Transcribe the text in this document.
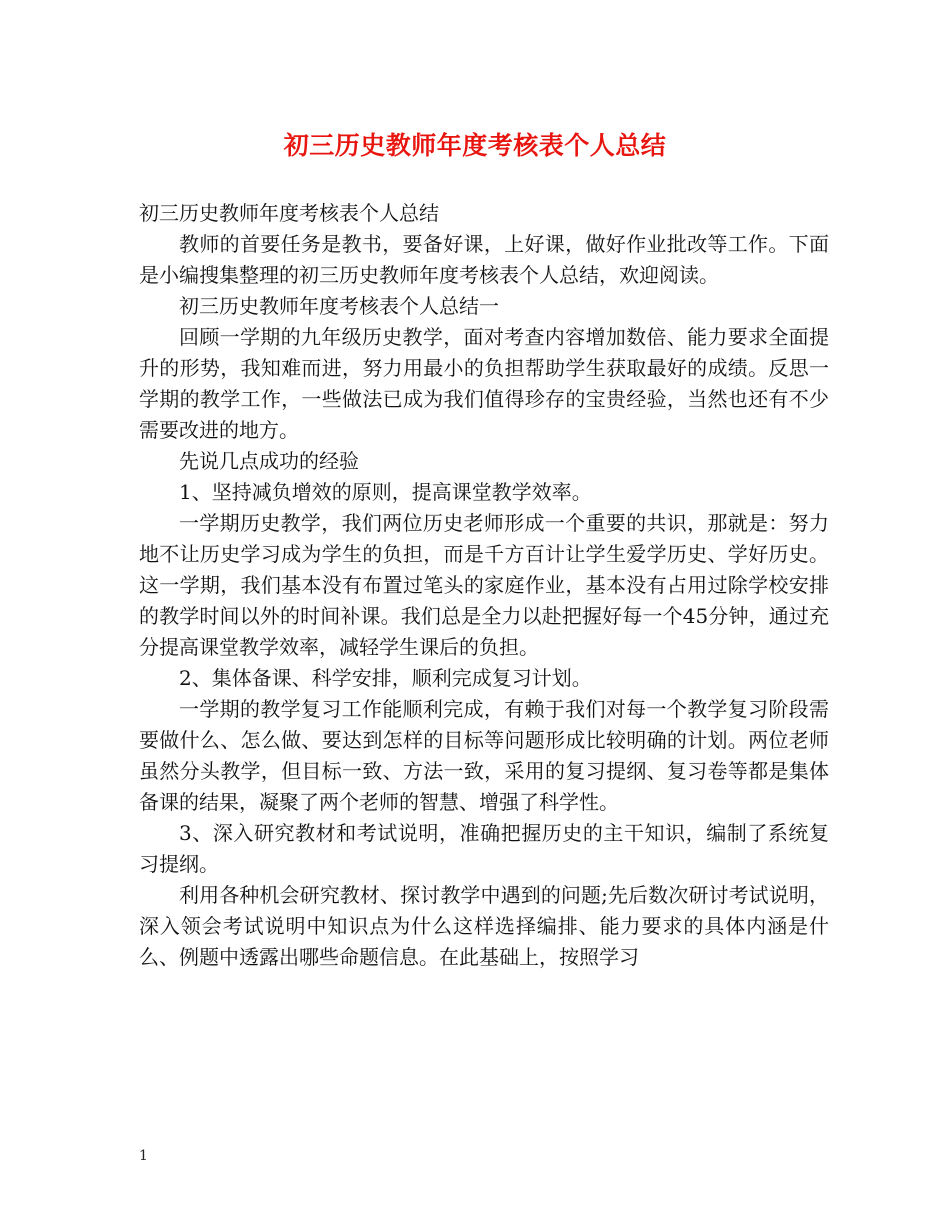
初三历史教师年度考核表个人总结

初三历史教师年度考核表个人总结

教师的首要任务是教书，要备好课，上好课，做好作业批改等工作。下面是小编搜集整理的初三历史教师年度考核表个人总结，欢迎阅读。

初三历史教师年度考核表个人总结一

回顾一学期的九年级历史教学，面对考查内容增加数倍、能力要求全面提升的形势，我知难而进，努力用最小的负担帮助学生获取最好的成绩。反思一学期的教学工作，一些做法已成为我们值得珍存的宝贵经验，当然也还有不少需要改进的地方。

先说几点成功的经验

1、坚持减负增效的原则，提高课堂教学效率。

一学期历史教学，我们两位历史老师形成一个重要的共识，那就是：努力地不让历史学习成为学生的负担，而是千方百计让学生爱学历史、学好历史。这一学期，我们基本没有布置过笔头的家庭作业，基本没有占用过除学校安排的教学时间以外的时间补课。我们总是全力以赴把握好每一个45分钟，通过充分提高课堂教学效率，减轻学生课后的负担。

2、集体备课、科学安排，顺利完成复习计划。

一学期的教学复习工作能顺利完成，有赖于我们对每一个教学复习阶段需要做什么、怎么做、要达到怎样的目标等问题形成比较明确的计划。两位老师虽然分头教学，但目标一致、方法一致，采用的复习提纲、复习卷等都是集体备课的结果，凝聚了两个老师的智慧、增强了科学性。

3、深入研究教材和考试说明，准确把握历史的主干知识，编制了系统复习提纲。

利用各种机会研究教材、探讨教学中遇到的问题;先后数次研讨考试说明，深入领会考试说明中知识点为什么这样选择编排、能力要求的具体内涵是什么、例题中透露出哪些命题信息。在此基础上，按照学习

1
